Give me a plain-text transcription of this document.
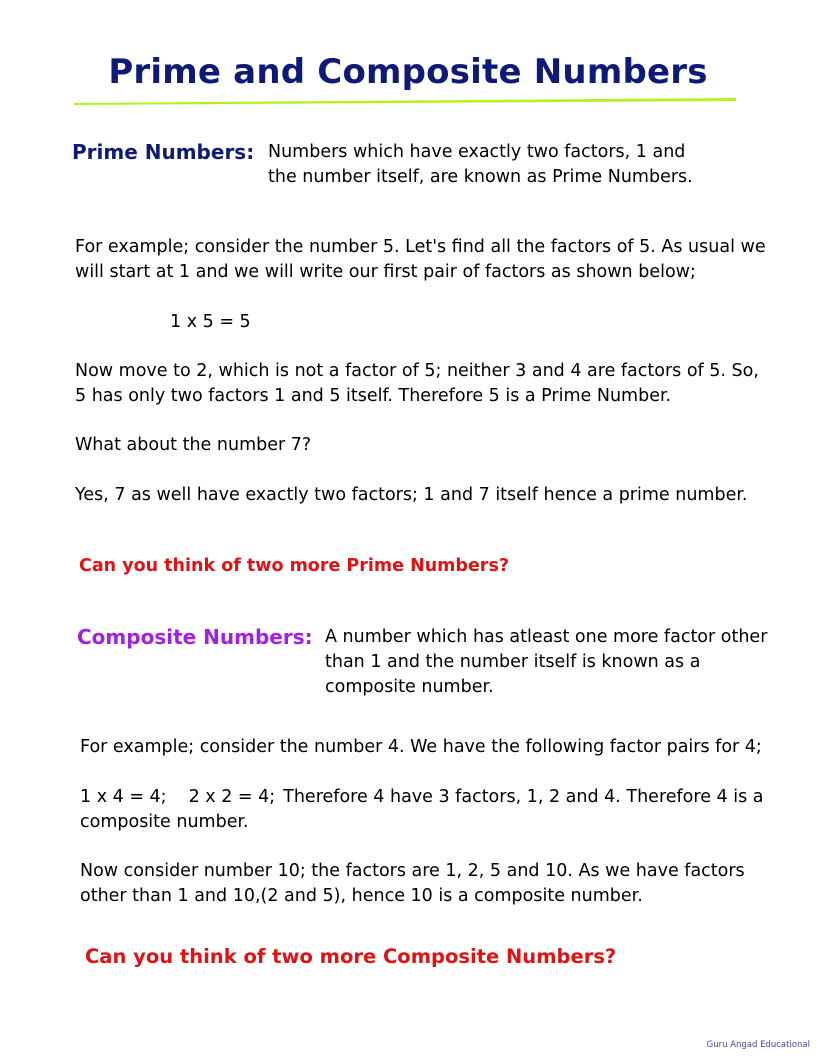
Prime and Composite Numbers
Prime Numbers: Numbers which have exactly two factors, 1 and the number itself, are known as Prime Numbers.

For example; consider the number 5. Let's find all the factors of 5. As usual we will start at 1 and we will write our first pair of factors as shown below;

1 x 5 = 5

Now move to 2, which is not a factor of 5; neither 3 and 4 are factors of 5. So, 5 has only two factors 1 and 5 itself. Therefore 5 is a Prime Number.

What about the number 7?

Yes, 7 as well have exactly two factors; 1 and 7 itself hence a prime number.

Can you think of two more Prime Numbers?

Composite Numbers: A number which has atleast one more factor other than 1 and the number itself is known as a composite number.

For example; consider the number 4. We have the following factor pairs for 4;

1 x 4 = 4; 2 x 2 = 4; Therefore 4 have 3 factors, 1, 2 and 4. Therefore 4 is a composite number.

Now consider number 10; the factors are 1, 2, 5 and 10. As we have factors other than 1 and 10,(2 and 5), hence 10 is a composite number.

Can you think of two more Composite Numbers?

Guru Angad Educational
